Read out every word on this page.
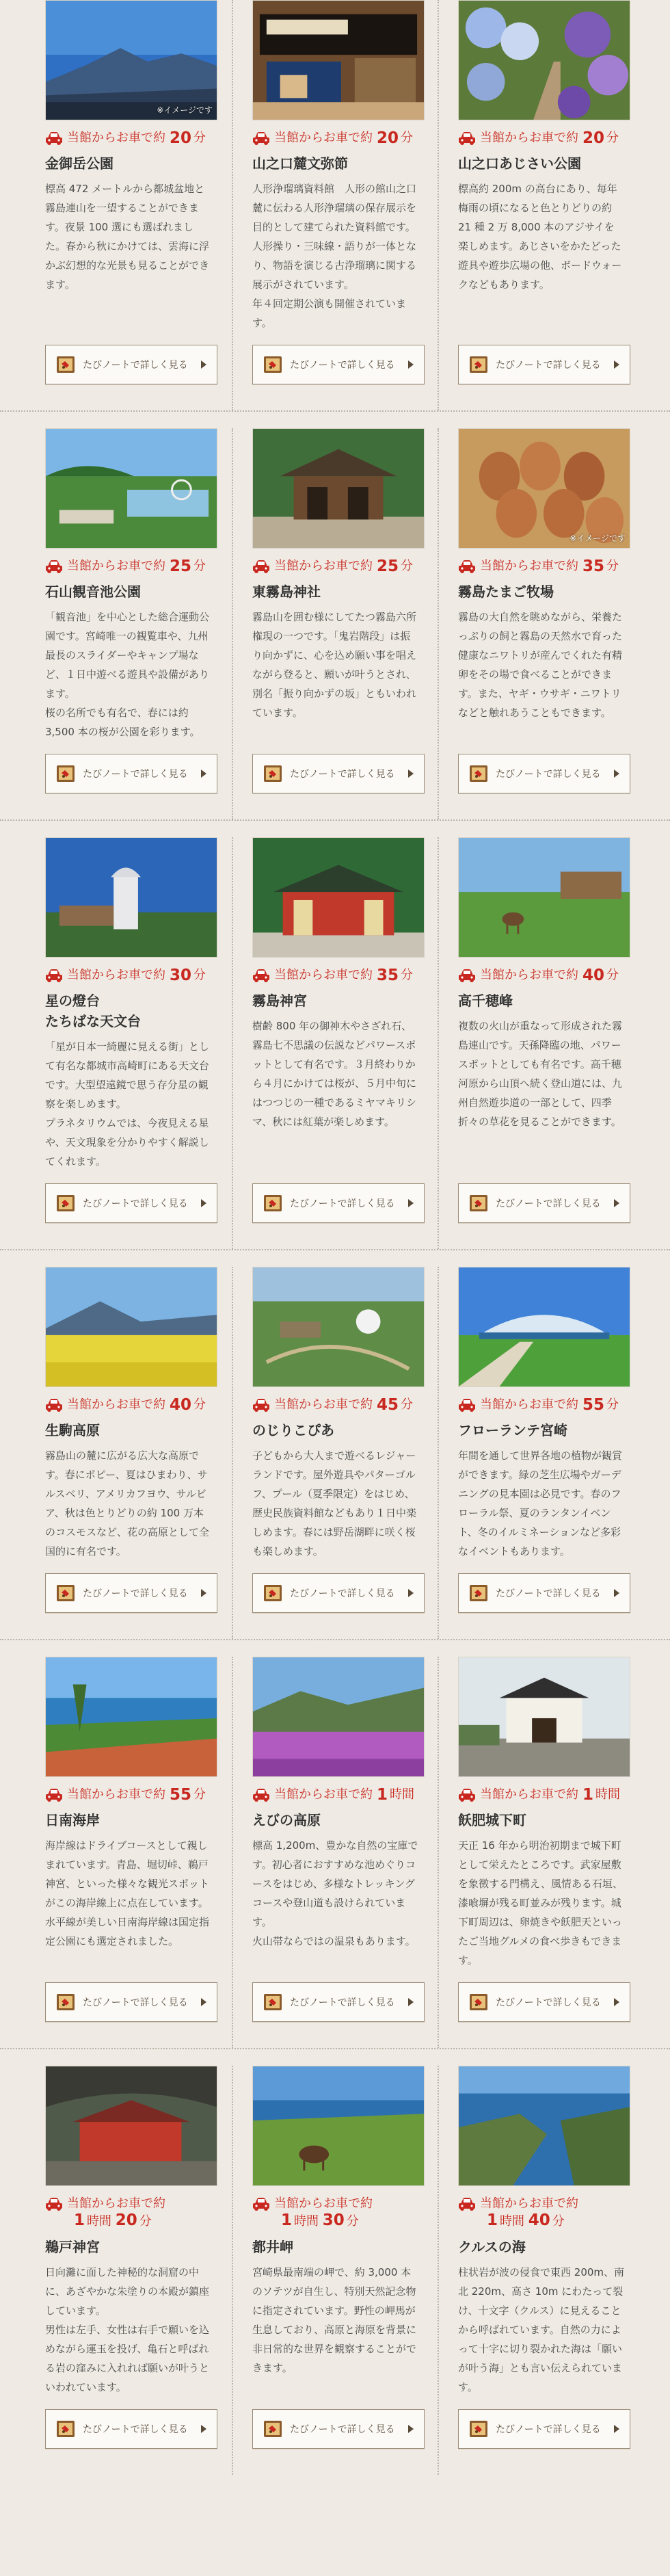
※イメージです
当館からお車で約 20 分
金御岳公園
標高 472 メートルから都城盆地と霧島連山を一望することができます。夜景 100 選にも選ばれました。春から秋にかけては、雲海に浮かぶ幻想的な光景も見ることができます。
たびノートで詳しく見る
当館からお車で約 20 分
山之口麓文弥節
人形浄瑠璃資料館　人形の館山之口麓に伝わる人形浄瑠璃の保存展示を目的として建てられた資料館です。人形操り・三味線・語りが一体となり、物語を演じる古浄瑠璃に関する展示がされています。
年４回定期公演も開催されています。
たびノートで詳しく見る
当館からお車で約 20 分
山之口あじさい公園
標高約 200m の高台にあり、毎年梅雨の頃になると色とりどりの約 21 種 2 万 8,000 本のアジサイを楽しめます。あじさいをかたどった遊具や遊歩広場の他、ボードウォークなどもあります。
たびノートで詳しく見る
当館からお車で約 25 分
石山観音池公園
「観音池」を中心とした総合運動公園です。宮崎唯一の観覧車や、九州最長のスライダーやキャンプ場など、１日中遊べる遊具や設備があります。
桜の名所でも有名で、春には約 3,500 本の桜が公園を彩ります。
たびノートで詳しく見る
当館からお車で約 25 分
東霧島神社
霧島山を囲む様にしてたつ霧島六所権現の一つです。「鬼岩階段」は振り向かずに、心を込め願い事を唱えながら登ると、願いが叶うとされ､別名「振り向かずの坂」ともいわれています。
たびノートで詳しく見る
※イメージです
当館からお車で約 35 分
霧島たまご牧場
霧島の大自然を眺めながら、栄養たっぷりの飼と霧島の天然水で育った健康なニワトリが産んでくれた有精卵をその場で食べることができます。また、ヤギ・ウサギ・ニワトリなどと触れあうこともできます。
たびノートで詳しく見る
当館からお車で約 30 分
星の燈台
たちばな天文台
「星が日本一綺麗に見える街」として有名な都城市高崎町にある天文台です。大型望遠鏡で思う存分星の観察を楽しめます。
プラネタリウムでは、今夜見える星や、天文現象を分かりやすく解説してくれます。
たびノートで詳しく見る
当館からお車で約 35 分
霧島神宮
樹齢 800 年の御神木やさざれ石、霧島七不思議の伝説などパワースポットとして有名です。３月終わりから４月にかけては桜が、５月中旬にはつつじの一種であるミヤマキリシマ、秋には紅葉が楽しめます。
たびノートで詳しく見る
当館からお車で約 40 分
高千穂峰
複数の火山が重なって形成された霧島連山です。天孫降臨の地、パワースポットとしても有名です。高千穂河原から山頂へ続く登山道には、九州自然遊歩道の一部として、四季折々の草花を見ることができます。
たびノートで詳しく見る
当館からお車で約 40 分
生駒高原
霧島山の麓に広がる広大な高原です。春にポピー、夏はひまわり、サルスベリ、アメリカフヨウ、サルビア、秋は色とりどりの約 100 万本のコスモスなど、花の高原として全国的に有名です。
たびノートで詳しく見る
当館からお車で約 45 分
のじりこぴあ
子どもから大人まで遊べるレジャーランドです。屋外遊具やパターゴルフ、プール（夏季限定）をはじめ、歴史民族資料館などもあり１日中楽しめます。春には野岳湖畔に咲く桜も楽しめます。
たびノートで詳しく見る
当館からお車で約 55 分
フローランテ宮崎
年間を通して世界各地の植物が観賞ができます。緑の芝生広場やガーデニングの見本園は必見です。春のフローラル祭、夏のランタンイベント、冬のイルミネーションなど多彩なイベントもあります。
たびノートで詳しく見る
当館からお車で約 55 分
日南海岸
海岸線はドライブコースとして親しまれています。青島、堀切峠、鵜戸神宮、といった様々な観光スポットがこの海岸線上に点在しています。
水平線が美しい日南海岸線は国定指定公園にも選定されました。
たびノートで詳しく見る
当館からお車で約 1 時間
えびの高原
標高 1,200m、豊かな自然の宝庫です。初心者におすすめな池めぐりコースをはじめ、多様なトレッキングコースや登山道も設けられています。
火山帯ならではの温泉もあります。
たびノートで詳しく見る
当館からお車で約 1 時間
飫肥城下町
天正 16 年から明治初期まで城下町として栄えたところです。武家屋敷を象徴する門構え、風情ある石垣、漆喰塀が残る町並みが残ります。城下町周辺は、卵焼きや飫肥天といったご当地グルメの食べ歩きもできます。
たびノートで詳しく見る
当館からお車で約
1 時間 20 分
鵜戸神宮
日向灘に面した神秘的な洞窟の中に、あざやかな朱塗りの本殿が鎮座しています。
男性は左手、女性は右手で願いを込めながら運玉を投げ、亀石と呼ばれる岩の窪みに入れれば願いが叶うといわれています。
たびノートで詳しく見る
当館からお車で約
1 時間 30 分
都井岬
宮崎県最南端の岬で、約 3,000 本のソテツが自生し、特別天然記念物に指定されています。野性の岬馬が生息しており、高原と海原を背景に非日常的な世界を観察することができます。
たびノートで詳しく見る
当館からお車で約
1 時間 40 分
クルスの海
柱状岩が波の侵食で東西 200m、南北 220m、高さ 10m にわたって裂け、十文字（クルス）に見えることから呼ばれています。自然の力によって十字に切り裂かれた海は「願いが叶う海」とも言い伝えられています。
たびノートで詳しく見る
